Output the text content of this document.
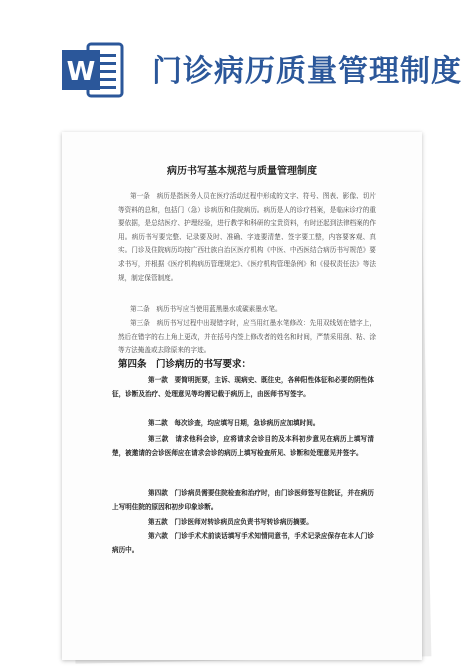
W 门诊病历质量管理制度
病历书写基本规范与质量管理制度
第一条　病历是指医务人员在医疗活动过程中形成的文字、符号、图表、影像、切片等资料的总和，包括门（急）诊病历和住院病历。病历是人的诊疗档案，是临床诊疗的重要依据，是总结医疗、护理经验，进行教学和科研的宝贵资料，有时还起到法律档案的作用。病历书写要完整、记录要及时、准确、字迹要清楚、签字要工整，内容要客观、真实。门诊及住院病历均按广西壮族自治区医疗机构《中医、中西医结合病历书写规范》要求书写，并根据《医疗机构病历管理规定》、《医疗机构管理条例》和《侵权责任法》等法规，制定保管制度。
第二条　病历书写应当使用蓝黑墨水或碳素墨水笔。
第三条　病历书写过程中出现错字时，应当用红墨水笔修改：先用双线划在错字上，然后在错字的右上角上更改，并在括号内签上修改者的姓名和时间，严禁采用刮、粘、涂等方法掩盖或去除原来的字迹。
第四条　门诊病历的书写要求：
第一款　要简明扼要，主诉、现病史、既往史，各种阳性体征和必要的阴性体征，诊断及治疗、处理意见等均需记载于病历上，由医师书写签字。
第二款　每次诊查，均应填写日期，急诊病历应加填时间。
第三款　请求他科会诊，应将请求会诊目的及本科初步意见在病历上填写清楚，被邀请的会诊医师应在请求会诊的病历上填写检查所见、诊断和处理意见并签字。
第四款　门诊病员需要住院检查和治疗时，由门诊医师签写住院证，并在病历上写明住院的原因和初步印象诊断。
第五款　门诊医师对转诊病员应负责书写转诊病历摘要。
第六款　门诊手术术前谈话填写手术知情同意书，手术记录应保存在本人门诊病历中。
